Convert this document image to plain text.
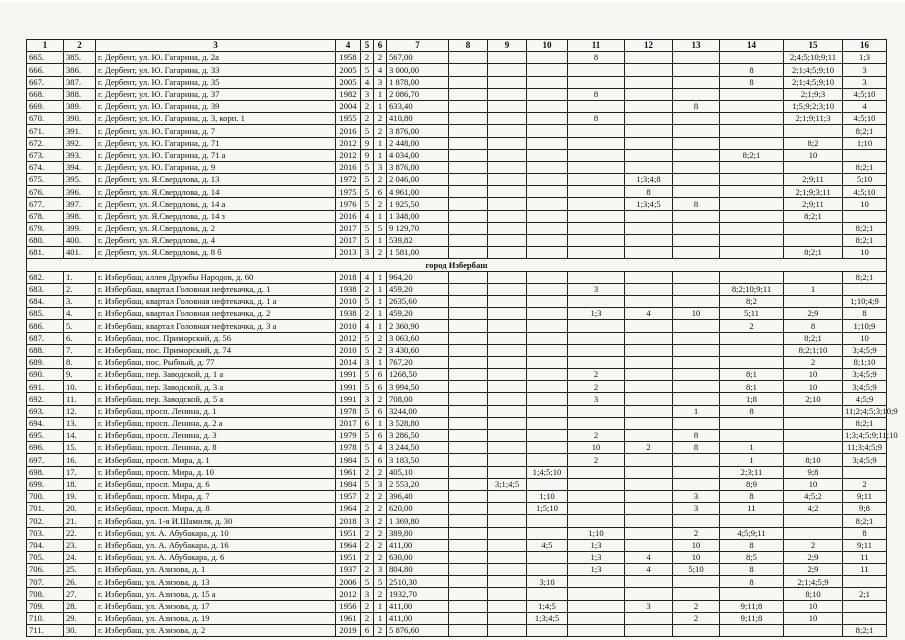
1	2	3	4	5	6	7	8	9	10	11	12	13	14	15	16
665.	385.	г. Дербент, ул. Ю. Гагарина, д. 2а	1958	2	2	567,00				8				2;4;5;10;9;11	1;3
666.	386.	г. Дербент, ул. Ю. Гагарина, д. 33	2005	5	4	3 000,00							8	2;1;4;5;9;10	3
667.	387.	г. Дербент, ул. Ю. Гагарина, д. 35	2005	4	3	1 878,00							8	2;1;4;5;9;10	3
668.	388.	г. Дербент, ул. Ю. Гагарина, д. 37	1982	3	1	2 086,70				8				2;1;9;3	4;5;10
669.	389.	г. Дербент, ул. Ю. Гагарина, д. 39	2004	2	1	633,40						8		1;5;9;2;3;10	4
670.	390.	г. Дербент, ул. Ю. Гагарина, д. 3, корп. 1	1955	2	2	410,80				8				2;1;9;11;3	4;5;10
671.	391.	г. Дербент, ул. Ю. Гагарина, д. 7	2016	5	2	3 876,00									8;2;1
672.	392.	г. Дербент, ул. Ю. Гагарина, д. 71	2012	9	1	2 448,00								8;2	1;10
673.	393.	г. Дербент, ул. Ю. Гагарина, д. 71 а	2012	9	1	4 034,00							8;2;1	10	
674.	394.	г. Дербент, ул. Ю. Гагарина, д. 9	2016	5	3	3 876,00									8;2;1
675.	395.	г. Дербент, ул. Я.Свердлова, д. 13	1972	5	2	2 046,00					1;3;4;8			2;9;11	5;10
676.	396.	г. Дербент, ул. Я.Свердлова, д. 14	1975	5	6	4 961,00					8			2;1;9;3;11	4;5;10
677.	397.	г. Дербент, ул. Я.Свердлова, д. 14 а	1976	5	2	1 925,50					1;3;4;5	8		2;9;11	10
678.	398.	г. Дербент, ул. Я.Свердлова, д. 14 з	2016	4	1	1 348,00								8;2;1	
679.	399.	г. Дербент, ул. Я.Свердлова, д. 2	2017	5	5	9 129,70									8;2;1
680.	400.	г. Дербент, ул. Я.Свердлова, д. 4	2017	5	1	539,82									8;2;1
681.	401.	г. Дербент, ул. Я.Свердлова, д. 8 б	2013	3	2	1 581,00								8;2;1	10
город Избербаш															
682.	1.	г. Избербаш, аллея Дружбы Народов, д. 60	2018	4	1	964,20									8;2;1
683.	2.	г. Избербаш, квартал Головная нефтекачка, д. 1	1938	2	1	459,20				3			8;2;10;9;11	1	
684.	3.	г. Избербаш, квартал Головная нефтекачка, д. 1 а	2010	5	1	2635,60							8;2		1;10;4;9
685.	4.	г. Избербаш, квартал Головная нефтекачка, д. 2	1938	2	1	459,20				1;3	4	10	5;11	2;9	8
686.	5.	г. Избербаш, квартал Головная нефтекачка, д. 3 а	2010	4	1	2 360,90							2	8	1;10;9
687.	6.	г. Избербаш, пос. Приморский, д. 56	2012	5	2	3 063,60								8;2;1	10
688.	7.	г. Избербаш, пос. Приморский, д. 74	2010	5	2	3 430,60								8;2;1;10	3;4;5;9
689.	8.	г. Избербаш, пос. Рыбный, д. 77	2014	3	1	767,20								2	8;1;10
690.	9.	г. Избербаш, пер. Заводской, д. 1 а	1991	5	6	1268,50				2			8;1	10	3;4;5;9
691.	10.	г. Избербаш, пер. Заводской, д. 3 а	1991	5	6	3 994,50				2			8;1	10	3;4;5;9
692.	11.	г. Избербаш, пер. Заводской, д. 5 а	1991	3	2	708,00				3			1;8	2;10	4;5;9
693.	12.	г. Избербаш, просп. Ленина, д. 1	1978	5	6	3244,00						1	8		11;2;4;5;3;10;9
694.	13.	г. Избербаш, просп. Ленина, д. 2 а	2017	6	1	3 528,80									8;2;1
695.	14.	г. Избербаш, просп. Ленина, д. 3	1979	5	6	3 286,50				2		8			1;3;4;5;9;11;10
696.	15.	г. Избербаш, просп. Ленина, д. 8	1978	5	4	3 244,50				10	2	8	1		11;3;4;5;9
697.	16.	г. Избербаш, просп. Мира, д. 1	1984	5	6	3 183,50				2			1	8;10	3;4;5;9
698.	17.	г. Избербаш, просп. Мира, д. 10	1961	2	2	405,10			1;4;5;10				2;3;11	9;8	
699.	18.	г. Избербаш, просп. Мира, д. 6	1984	5	3	2 553,20		3;1;4;5					8;9	10	2
700.	19.	г. Избербаш, просп. Мира, д. 7	1957	2	2	396,40			1;10			3	8	4;5;2	9;11
701.	20.	г. Избербаш, просп. Мира, д. 8	1964	2	2	620,00			1;5;10			3	11	4;2	9;8
702.	21.	г. Избербаш, ул. 1-я И.Шамиля, д. 30	2018	3	2	1 369,80									8;2;1
703.	22.	г. Избербаш, ул. А. Абубакара, д. 10	1951	2	2	389,80				1;10		2	4;5;9;11		8
704.	23.	г. Избербаш, ул. А. Абубакара, д. 16	1964	2	2	411,00			4;5	1;3		10	8	2	9;11
705.	24.	г. Избербаш, ул. А. Абубакара, д. 6	1951	2	2	630,00				1;3	4	10	8;5	2;9	11
706.	25.	г. Избербаш, ул. Азизова, д. 1	1937	2	3	804,80				1;3	4	5;10	8	2;9	11
707.	26.	г. Избербаш, ул. Азизова, д. 13	2006	5	5	2510,30			3;10				8	2;1;4;5;9	
708.	27.	г. Избербаш, ул. Азизова, д. 15 а	2012	3	2	1932,70								8;10	2;1
709.	28.	г. Избербаш, ул. Азизова, д. 17	1956	2	1	411,00			1;4;5		3	2	9;11;8	10	
710.	29.	г. Избербаш, ул. Азизова, д. 19	1961	2	1	411,00			1;3;4;5			2	9;11;8	10	
711.	30.	г. Избербаш, ул. Азизова, д. 2	2019	6	2	5 876,60									8;2;1
